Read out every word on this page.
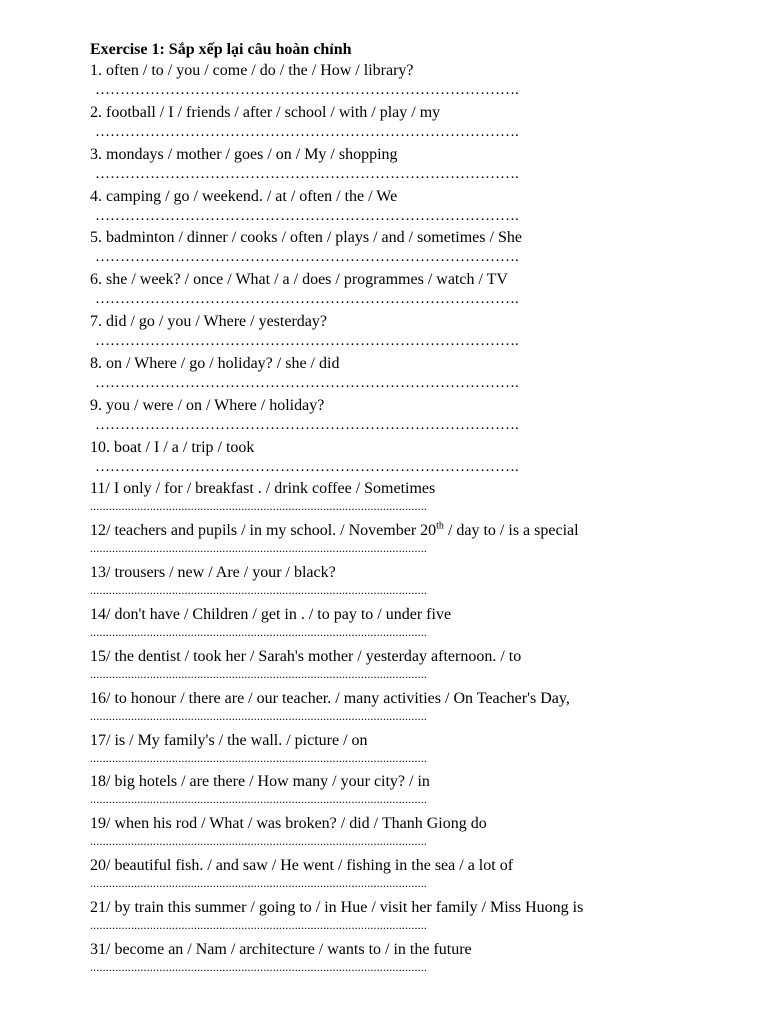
Exercise 1: Sắp xếp lại câu hoàn chỉnh
1. often / to / you / come / do / the / How / library?
………………………………………………………………………….
2. football / I / friends / after / school / with / play / my
………………………………………………………………………….
3. mondays / mother / goes / on / My / shopping
………………………………………………………………………….
4. camping / go / weekend. / at / often / the / We
………………………………………………………………………….
5. badminton / dinner / cooks / often / plays / and / sometimes / She
………………………………………………………………………….
6. she / week? / once / What / a / does / programmes / watch / TV
………………………………………………………………………….
7. did / go / you / Where / yesterday?
………………………………………………………………………….
8. on / Where / go / holiday? / she / did
………………………………………………………………………….
9. you / were / on / Where / holiday?
………………………………………………………………………….
10. boat / I / a / trip / took
………………………………………………………………………….
11/ I only / for / breakfast . / drink coffee / Sometimes
...........................................................................................................
12/ teachers and pupils / in my school. / November 20th / day to / is a special
...........................................................................................................
13/ trousers / new / Are / your / black?
...........................................................................................................
14/ don't have / Children / get in . / to pay to / under five
...........................................................................................................
15/ the dentist / took her / Sarah's mother / yesterday afternoon. / to
...........................................................................................................
16/ to honour / there are / our teacher. / many activities / On Teacher's Day,
...........................................................................................................
17/ is / My family's / the wall. / picture / on
...........................................................................................................
18/ big hotels / are there / How many / your city? / in
...........................................................................................................
19/ when his rod / What / was broken? / did / Thanh Giong do
...........................................................................................................
20/ beautiful fish. / and saw / He went / fishing in the sea / a lot of
...........................................................................................................
21/ by train this summer / going to / in Hue / visit her family / Miss Huong is
...........................................................................................................
31/ become an / Nam / architecture / wants to / in the future
...........................................................................................................
